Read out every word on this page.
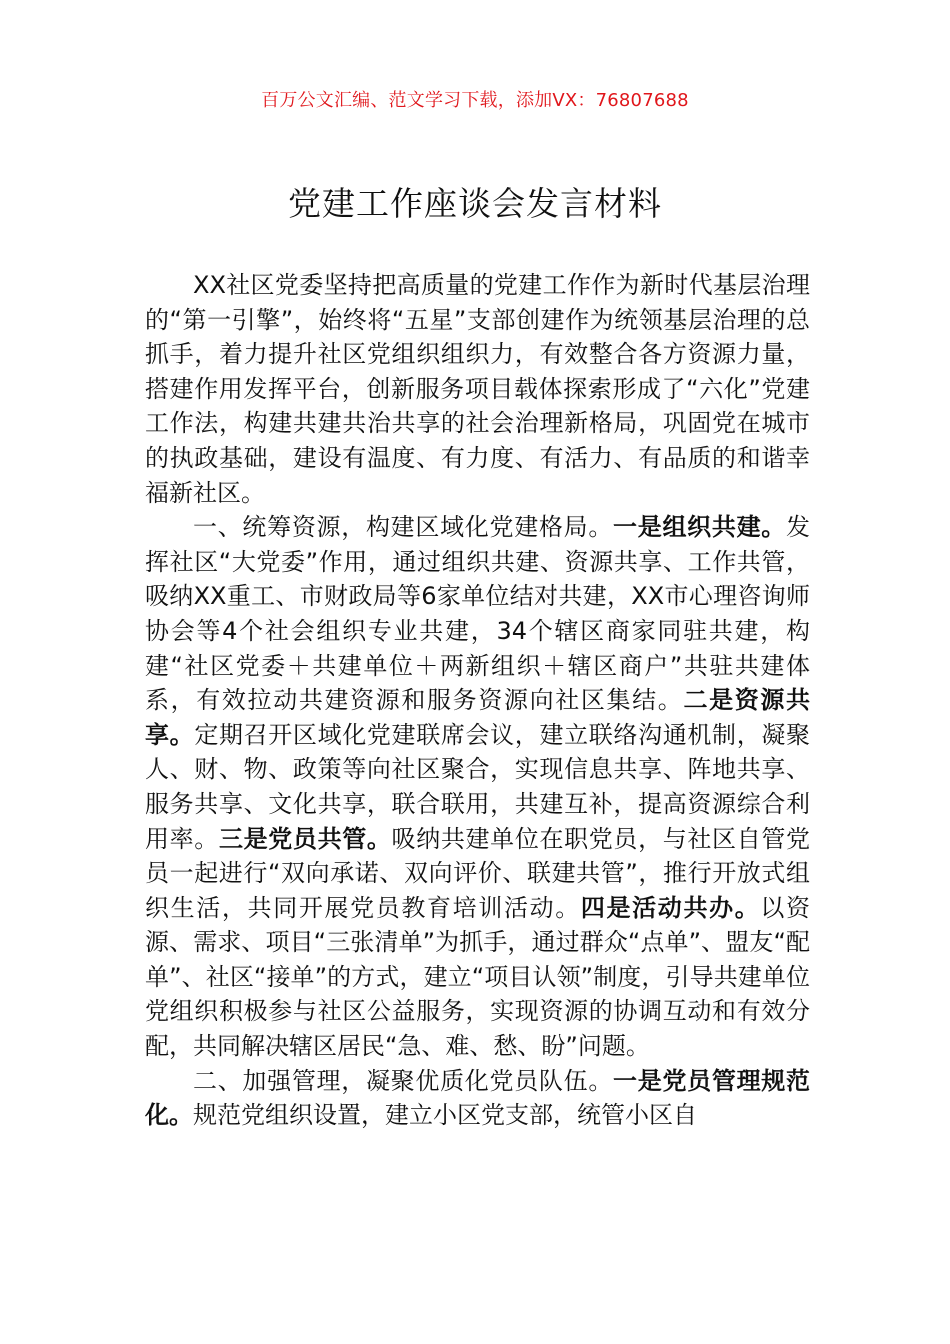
百万公文汇编、范文学习下载，添加VX：76807688
党建工作座谈会发言材料

XX社区党委坚持把高质量的党建工作作为新时代基层治理的“第一引擎”，始终将“五星”支部创建作为统领基层治理的总抓手，着力提升社区党组织组织力，有效整合各方资源力量，搭建作用发挥平台，创新服务项目载体探索形成了“六化”党建工作法，构建共建共治共享的社会治理新格局，巩固党在城市的执政基础，建设有温度、有力度、有活力、有品质的和谐幸福新社区。

一、统筹资源，构建区域化党建格局。一是组织共建。发挥社区“大党委”作用，通过组织共建、资源共享、工作共管，吸纳XX重工、市财政局等6家单位结对共建，XX市心理咨询师协会等4个社会组织专业共建，34个辖区商家同驻共建，构建“社区党委＋共建单位＋两新组织＋辖区商户”共驻共建体系，有效拉动共建资源和服务资源向社区集结。二是资源共享。定期召开区域化党建联席会议，建立联络沟通机制，凝聚人、财、物、政策等向社区聚合，实现信息共享、阵地共享、服务共享、文化共享，联合联用，共建互补，提高资源综合利用率。三是党员共管。吸纳共建单位在职党员，与社区自管党员一起进行“双向承诺、双向评价、联建共管”，推行开放式组织生活，共同开展党员教育培训活动。四是活动共办。以资源、需求、项目“三张清单”为抓手，通过群众“点单”、盟友“配单”、社区“接单”的方式，建立“项目认领”制度，引导共建单位党组织积极参与社区公益服务，实现资源的协调互动和有效分配，共同解决辖区居民“急、难、愁、盼”问题。

二、加强管理，凝聚优质化党员队伍。一是党员管理规范化。规范党组织设置，建立小区党支部，统管小区自
